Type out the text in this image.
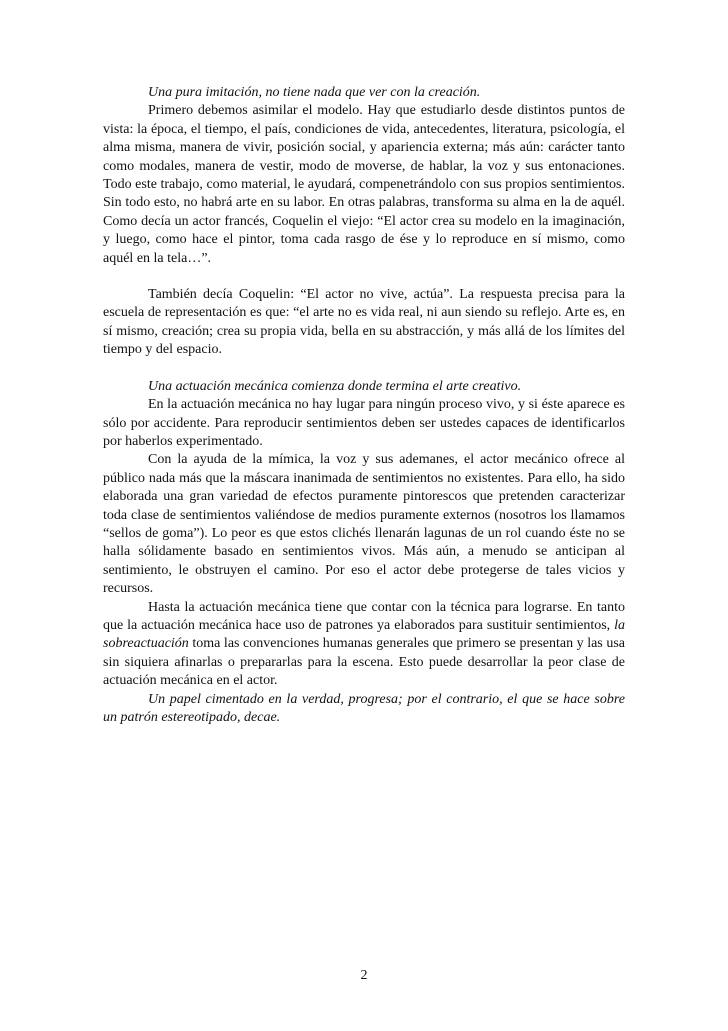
Una pura imitación, no tiene nada que ver con la creación.

Primero debemos asimilar el modelo. Hay que estudiarlo desde distintos puntos de vista: la época, el tiempo, el país, condiciones de vida, antecedentes, literatura, psicología, el alma misma, manera de vivir, posición social, y apariencia externa; más aún: carácter tanto como modales, manera de vestir, modo de moverse, de hablar, la voz y sus entonaciones. Todo este trabajo, como material, le ayudará, compenetrándolo con sus propios sentimientos. Sin todo esto, no habrá arte en su labor. En otras palabras, transforma su alma en la de aquél. Como decía un actor francés, Coquelin el viejo: “El actor crea su modelo en la imaginación, y luego, como hace el pintor, toma cada rasgo de ése y lo reproduce en sí mismo, como aquél en la tela…”.

También decía Coquelin: “El actor no vive, actúa”. La respuesta precisa para la escuela de representación es que: “el arte no es vida real, ni aun siendo su reflejo. Arte es, en sí mismo, creación; crea su propia vida, bella en su abstracción, y más allá de los límites del tiempo y del espacio.

Una actuación mecánica comienza donde termina el arte creativo.

En la actuación mecánica no hay lugar para ningún proceso vivo, y si éste aparece es sólo por accidente. Para reproducir sentimientos deben ser ustedes capaces de identificarlos por haberlos experimentado.

Con la ayuda de la mímica, la voz y sus ademanes, el actor mecánico ofrece al público nada más que la máscara inanimada de sentimientos no existentes. Para ello, ha sido elaborada una gran variedad de efectos puramente pintorescos que pretenden caracterizar toda clase de sentimientos valiéndose de medios puramente externos (nosotros los llamamos “sellos de goma”). Lo peor es que estos clichés llenarán lagunas de un rol cuando éste no se halla sólidamente basado en sentimientos vivos. Más aún, a menudo se anticipan al sentimiento, le obstruyen el camino. Por eso el actor debe protegerse de tales vicios y recursos.

Hasta la actuación mecánica tiene que contar con la técnica para lograrse. En tanto que la actuación mecánica hace uso de patrones ya elaborados para sustituir sentimientos, la sobreactuación toma las convenciones humanas generales que primero se presentan y las usa sin siquiera afinarlas o prepararlas para la escena. Esto puede desarrollar la peor clase de actuación mecánica en el actor.

Un papel cimentado en la verdad, progresa; por el contrario, el que se hace sobre un patrón estereotipado, decae.

2
